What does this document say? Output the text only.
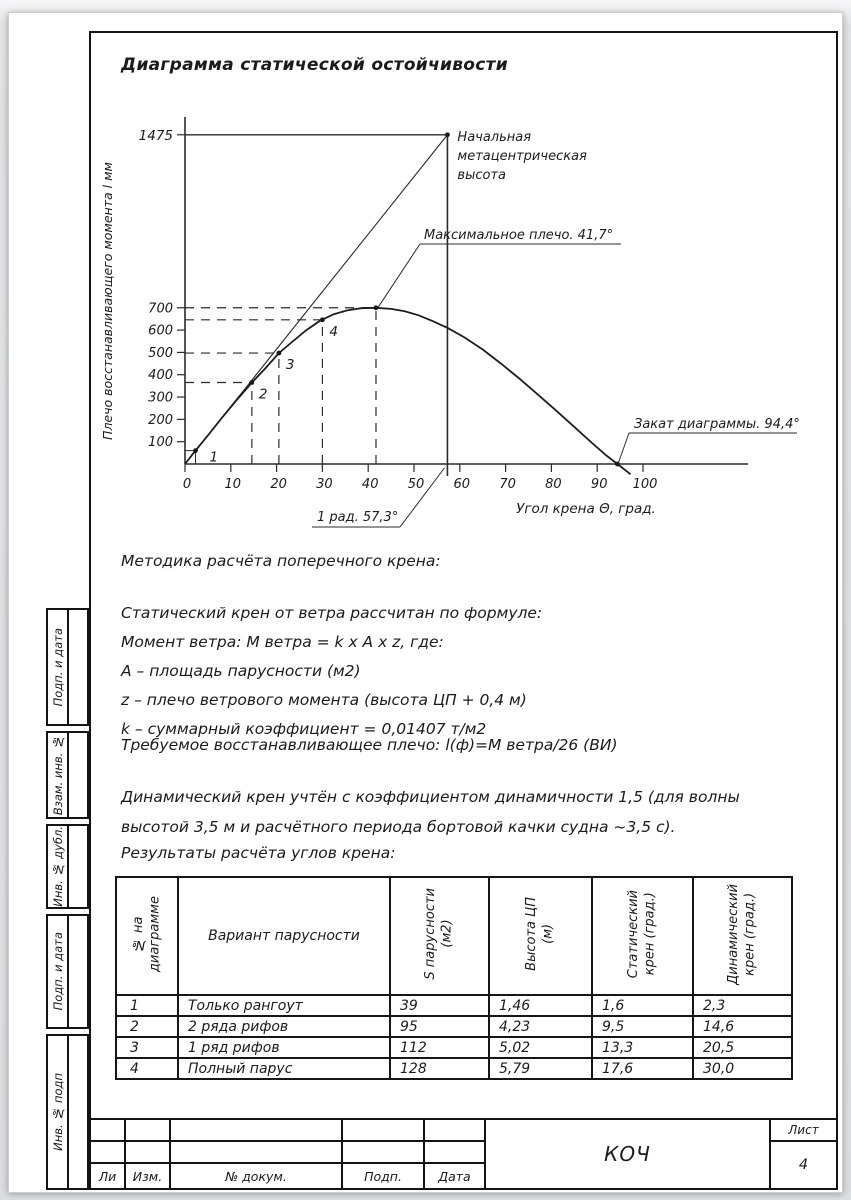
Диаграмма статической остойчивости
0	10 20 30 40 50 60 70 80 90 100
100
200
300
400
500
600
700
1475
Плечо восстанавливающего момента l мм
Угол крена Θ, град.
Начальная
метацентрическая
высота
Максимальное плечо. 41,7°
1 рад. 57,3°
Закат диаграммы. 94,4°
1
2
3
4
Методика расчёта поперечного крена:
Статический крен от ветра рассчитан по формуле:
Момент ветра: М ветра = k x A x z, где:
А – площадь парусности (м2)
z – плечо ветрового момента (высота ЦП + 0,4 м)
k – суммарный коэффициент = 0,01407 т/м2
Требуемое восстанавливающее плечо: l(ф)=М ветра/26 (ВИ)
Динамический крен учтён с коэффициентом динамичности 1,5 (для волны
высотой 3,5 м и расчётного периода бортовой качки судна ~3,5 с).
Результаты расчёта углов крена:
№ на диаграмме	Вариант парусности	S парусности (м2)	Высота ЦП (м)	Статический крен (град.)	Динамический крен (град.)

1	Только рангоут	39	1,46	1,6	2,3
2	2 ряда рифов	95	4,23	9,5	14,6
3	1 ряд рифов	112	5,02	13,3	20,5
4	Полный парус	128	5,79	17,6	30,0
Подп. и дата
Взам. инв. №
Инв. № дубл.
Подп. и дата
Инв. № подп
Ли	Изм.	№ докум.	Подп.	Дата
КОЧ
Лист
4
